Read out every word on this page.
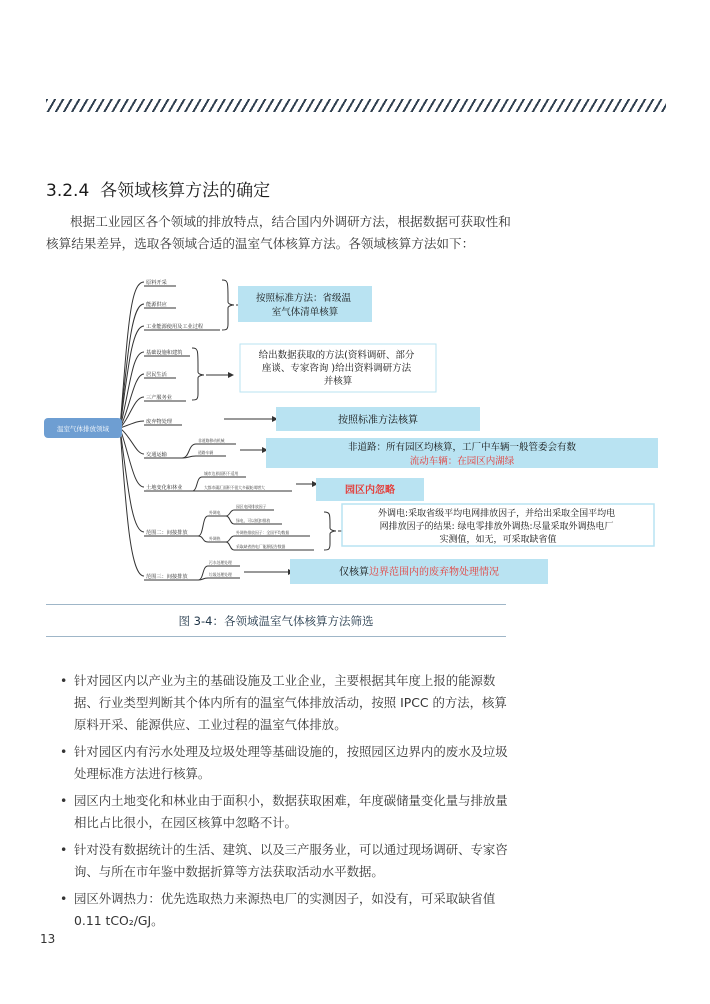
3.2.4 各领域核算方法的确定

根据工业园区各个领域的排放特点，结合国内外调研方法，根据数据可获取性和核算结果差异，选取各领域合适的温室气体核算方法。各领域核算方法如下：

温室气体排放领域
原料开采
能源供应
工业能源使用及工业过程
基础设施和建筑
居民生活
三产服务业
废弃物处理
交通运输
土地变化和林业
范围二：间接排放
范围三：间接排放
非道路移动机械
道路车辆
城市边界面积不适用
大都市碳汇面积不很大多碳耗竭增大
外调电
外调热
园区电网排放因子
绿电，可以抵扣排放
外调热排放因子：全国平均数据
采取缺省热电厂能源报告数据
污水处理处理
垃圾处理处理
按照标准方法：省级温 室气体清单核算
给出数据获取的方法(资料调研、部分 座谈、专家咨询 )给出资料调研方法 并核算
按照标准方法核算
非道路：所有园区均核算，工厂中车辆一般管委会有数
流动车辆：在园区内湖绿
园区内忽略
外调电:采取省级平均电网排放因子，并给出采取全国平均电 网排放因子的结果: 绿电零排放外调热:尽量采取外调热电厂 实测值，如无，可采取缺省值
仅核算边界范围内的废弃物处理情况
图 3-4：各领域温室气体核算方法筛选
• 针对园区内以产业为主的基础设施及工业企业，主要根据其年度上报的能源数据、行业类型判断其个体内所有的温室气体排放活动，按照 IPCC 的方法，核算原料开采、能源供应、工业过程的温室气体排放。
• 针对园区内有污水处理及垃圾处理等基础设施的，按照园区边界内的废水及垃圾处理标准方法进行核算。
• 园区内土地变化和林业由于面积小，数据获取困难，年度碳储量变化量与排放量相比占比很小，在园区核算中忽略不计。
• 针对没有数据统计的生活、建筑、以及三产服务业，可以通过现场调研、专家咨询、与所在市年鉴中数据折算等方法获取活动水平数据。
• 园区外调热力：优先选取热力来源热电厂的实测因子，如没有，可采取缺省值 0.11 tCO₂/GJ。
13
